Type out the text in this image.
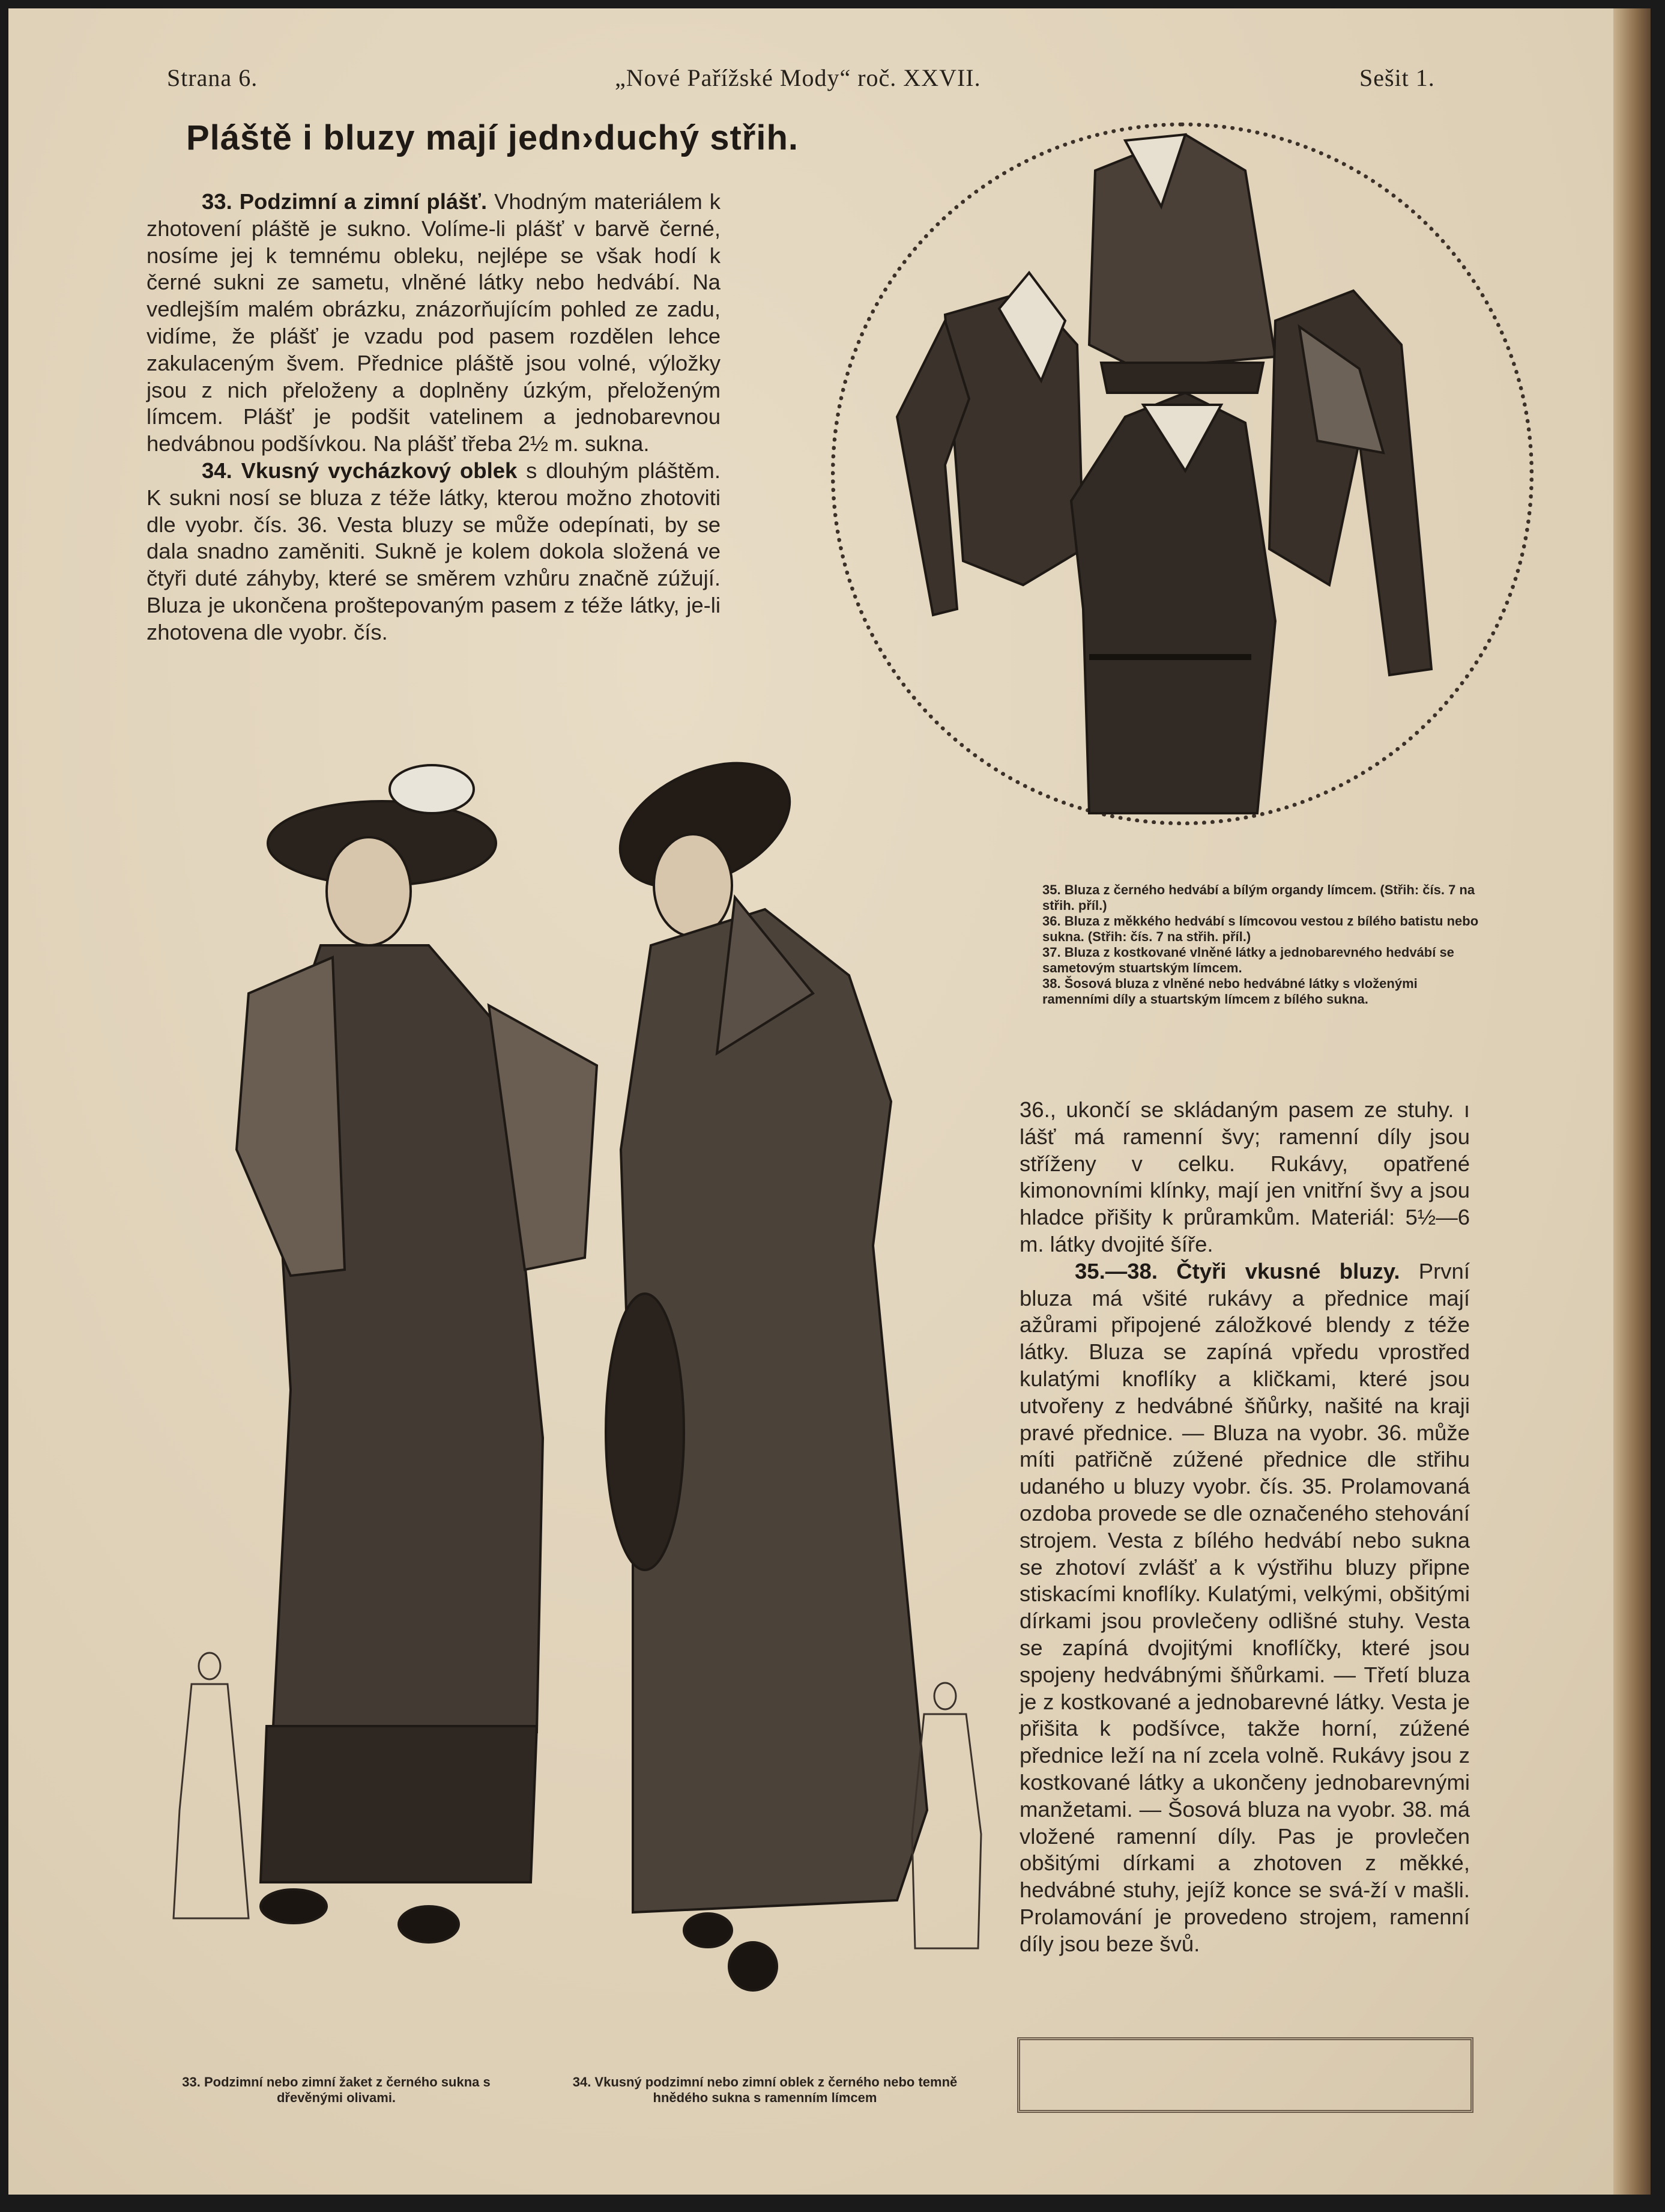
Strana 6.	„Nové Pařížské Mody“ roč. XXVII.	Sešit 1.
Pláště i bluzy mají jedn›duchý střih.

33. Podzimní a zimní plášť. Vhodným materiálem k zhotovení pláště je sukno. Volíme-li plášť v barvě černé, nosíme jej k temnému obleku, nejlépe se však hodí k černé sukni ze sametu, vlněné látky nebo hedvábí. Na vedlejším malém obrázku, znázorňujícím pohled ze zadu, vidíme, že plášť je vzadu pod pasem rozdělen lehce zakulaceným švem. Přednice pláště jsou volné, výložky jsou z nich přeloženy a doplněny úzkým, přeloženým límcem. Plášť je podšit vatelinem a jednobarevnou hedvábnou podšívkou. Na plášť třeba 2½ m. sukna.

34. Vkusný vycházkový oblek s dlouhým pláštěm. K sukni nosí se bluza z téže látky, kterou možno zhotoviti dle vyobr. čís. 36. Vesta bluzy se může odepínati, by se dala snadno zaměniti. Sukně je kolem dokola složená ve čtyři duté záhyby, které se směrem vzhůru značně zúžují. Bluza je ukončena proštepovaným pasem z téže látky, je-li zhotovena dle vyobr. čís.

35. Bluza z černého hedvábí a bílým organdy límcem. (Střih: čís. 7 na střih. příl.)
36. Bluza z měkkého hedvábí s límcovou vestou z bílého batistu nebo sukna. (Střih: čís. 7 na střih. příl.)
37. Bluza z kostkované vlněné látky a jednobarevného hedvábí se sametovým stuartským límcem.
38. Šosová bluza z vlněné nebo hedvábné látky s vloženými ramenními díly a stuartským límcem z bílého sukna.

36., ukončí se skládaným pasem ze stuhy. ı lášť má ramenní švy; ramenní díly jsou stříženy v celku. Rukávy, opatřené kimonovními klínky, mají jen vnitřní švy a jsou hladce přišity k průramkům. Materiál: 5½—6 m. látky dvojité šíře.

35.—38. Čtyři vkusné bluzy. První bluza má všité rukávy a přednice mají ažůrami připojené záložkové blendy z téže látky. Bluza se zapíná vpředu vprostřed kulatými knoflíky a kličkami, které jsou utvořeny z hedvábné šňůrky, našité na kraji pravé přednice. — Bluza na vyobr. 36. může míti patřičně zúžené přednice dle střihu udaného u bluzy vyobr. čís. 35. Prolamovaná ozdoba provede se dle označeného stehování strojem. Vesta z bílého hedvábí nebo sukna se zhotoví zvlášť a k výstřihu bluzy připne stiskacími knoflíky. Kulatými, velkými, obšitými dírkami jsou provlečeny odlišné stuhy. Vesta se zapíná dvojitými knoflíčky, které jsou spojeny hedvábnými šňůrkami. — Třetí bluza je z kostkované a jednobarevné látky. Vesta je přišita k podšívce, takže horní, zúžené přednice leží na ní zcela volně. Rukávy jsou z kostkované látky a ukončeny jednobarevnými manžetami. — Šosová bluza na vyobr. 38. má vložené ramenní díly. Pas je provlečen obšitými dírkami a zhotoven z měkké, hedvábné stuhy, jejíž konce se svá-ží v mašli. Prolamování je provedeno strojem, ramenní díly jsou beze švů.

33. Podzimní nebo zimní žaket z černého sukna s dřevěnými olivami.
34. Vkusný podzimní nebo zimní oblek z černého nebo temně hnědého sukna s ramenním límcem
